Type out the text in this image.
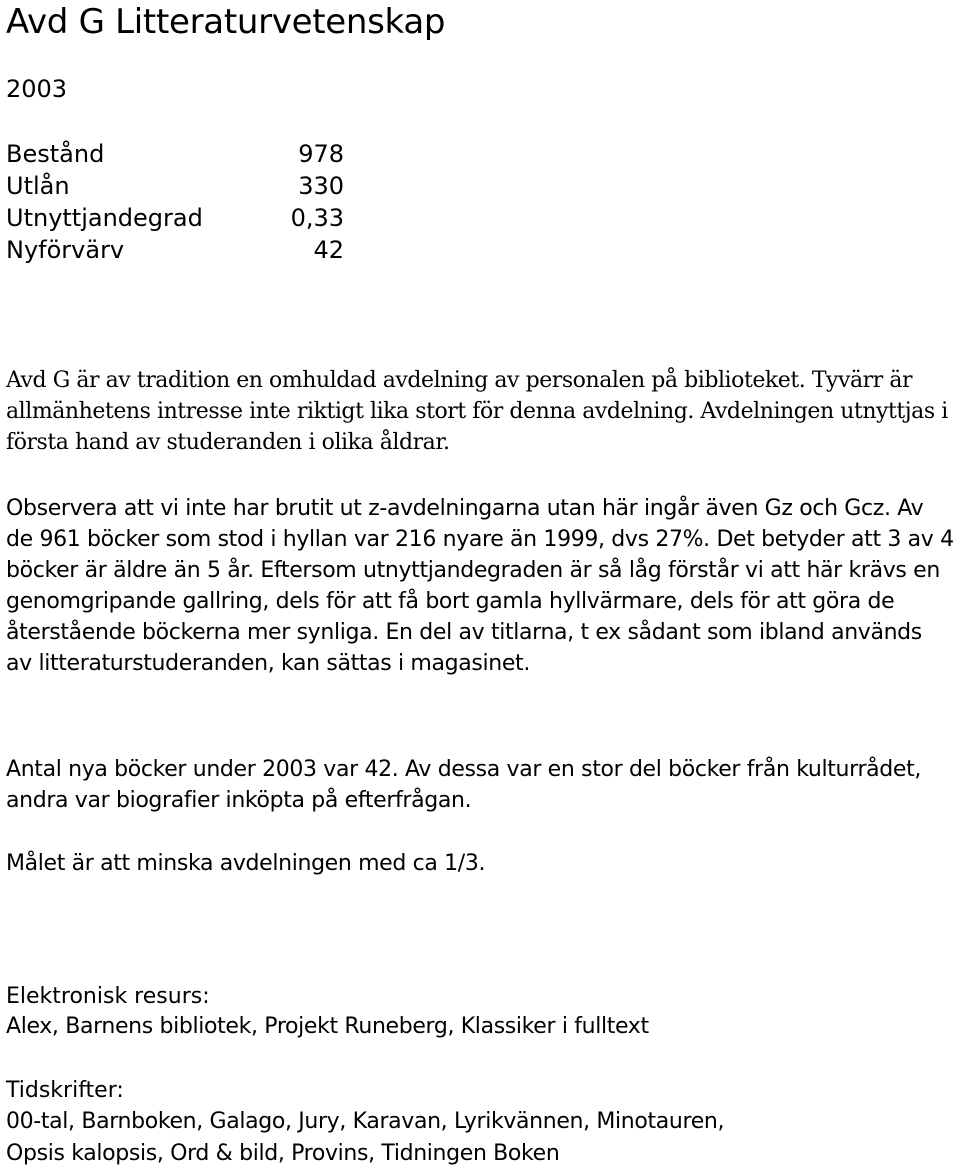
Avd G Litteraturvetenskap
2003
Bestånd	978
Utlån	330
Utnyttjandegrad	0,33
Nyförvärv	42

Avd G är av tradition en omhuldad avdelning av personalen på biblioteket. Tyvärr är allmänhetens intresse inte riktigt lika stort för denna avdelning. Avdelningen utnyttjas i första hand av studeranden i olika åldrar.

Observera att vi inte har brutit ut z-avdelningarna utan här ingår även Gz och Gcz. Av de 961 böcker som stod i hyllan var 216 nyare än 1999, dvs 27%. Det betyder att 3 av 4 böcker är äldre än 5 år. Eftersom utnyttjandegraden är så låg förstår vi att här krävs en genomgripande gallring, dels för att få bort gamla hyllvärmare, dels för att göra de återstående böckerna mer synliga. En del av titlarna, t ex sådant som ibland används av litteraturstuderanden, kan sättas i magasinet.

Antal nya böcker under 2003 var 42. Av dessa var en stor del böcker från kulturrådet, andra var biografier inköpta på efterfrågan.

Målet är att minska avdelningen med ca 1/3.

Elektronisk resurs:
Alex, Barnens bibliotek, Projekt Runeberg, Klassiker i fulltext
Tidskrifter:
00-tal, Barnboken, Galago, Jury, Karavan, Lyrikvännen, Minotauren,
Opsis kalopsis, Ord & bild, Provins, Tidningen Boken
